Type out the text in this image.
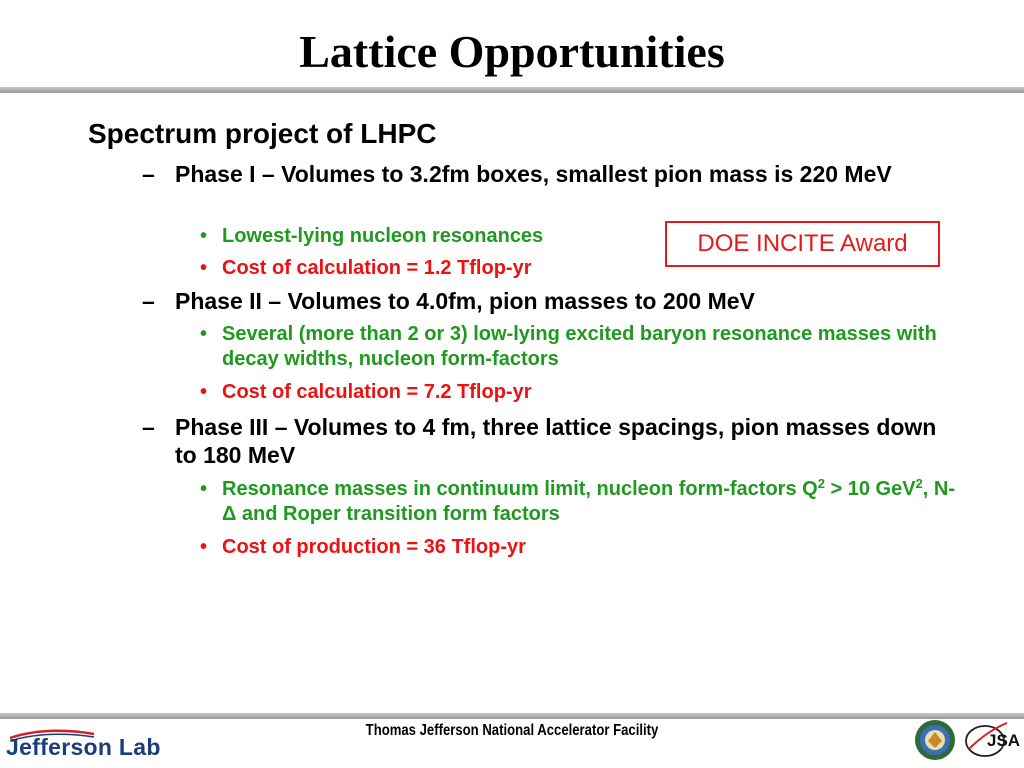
Lattice Opportunities
Spectrum project of LHPC
– Phase I – Volumes to 3.2fm boxes, smallest pion mass is 220 MeV
• Lowest-lying nucleon resonances
• Cost of calculation = 1.2 Tflop-yr
– Phase II – Volumes to 4.0fm, pion masses to 200 MeV
• Several (more than 2 or 3) low-lying excited baryon resonance masses with decay widths, nucleon form-factors
• Cost of calculation = 7.2 Tflop-yr
– Phase III – Volumes to 4 fm, three lattice spacings, pion masses down to 180 MeV
• Resonance masses in continuum limit, nucleon form-factors $Q^2 > 10$ GeV$^2$, N-Δ and Roper transition form factors
• Cost of production = 36 Tflop-yr
DOE INCITE Award
Jefferson Lab
Thomas Jefferson National Accelerator Facility
JSA
